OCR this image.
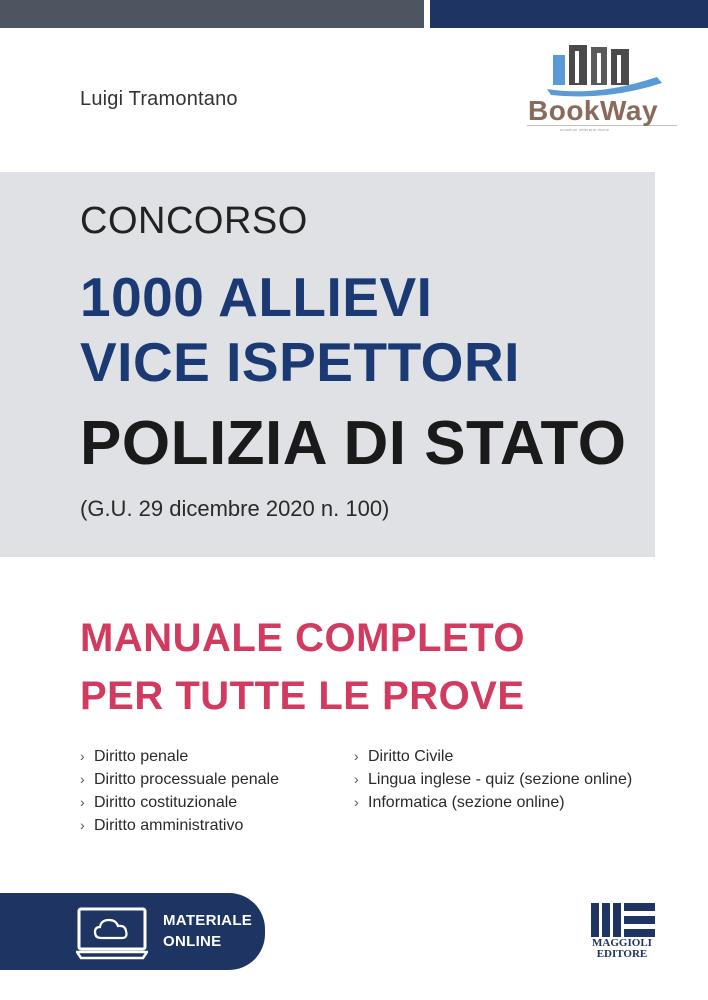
Luigi Tramontano	BookWay
soluzioni letterarie divine
CONCORSO
1000 ALLIEVI
VICE ISPETTORI
POLIZIA DI STATO
(G.U. 29 dicembre 2020 n. 100)
MANUALE COMPLETO
PER TUTTE LE PROVE
› Diritto penale
› Diritto processuale penale
› Diritto costituzionale
› Diritto amministrativo
› Diritto Civile
› Lingua inglese - quiz (sezione online)
› Informatica (sezione online)
MATERIALE
ONLINE	MAGGIOLI
EDITORE
